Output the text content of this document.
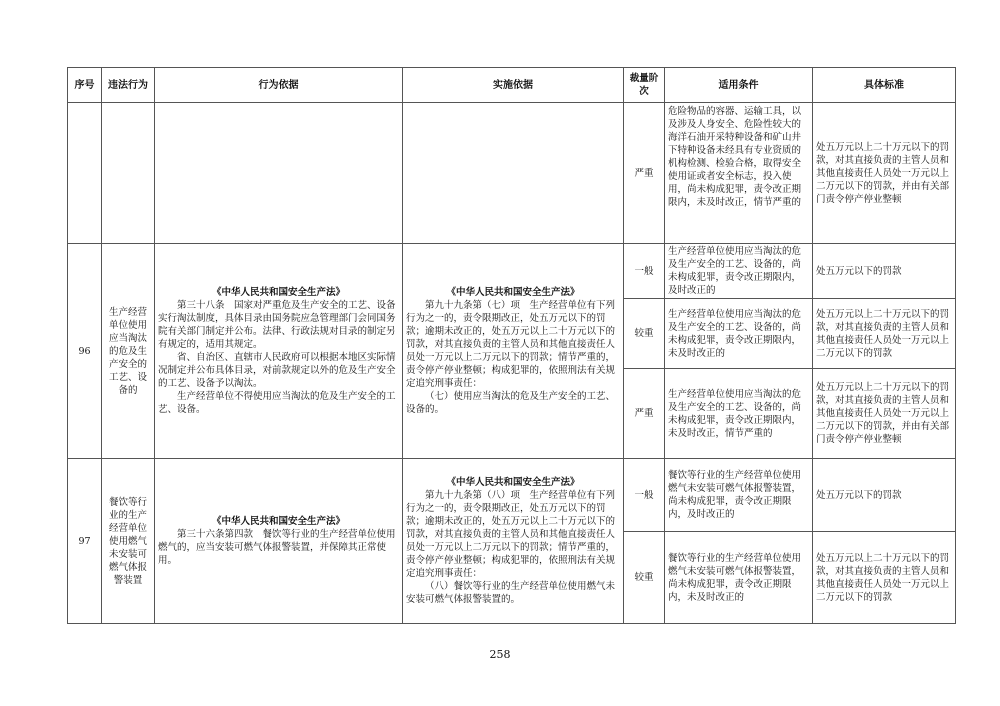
序号	违法行为	行为依据	实施依据	裁量阶次	适用条件	具体标准
				严重	危险物品的容器、运输工具，以及涉及人身安全、危险性较大的海洋石油开采特种设备和矿山井下特种设备未经具有专业资质的机构检测、检验合格，取得安全使用证或者安全标志，投入使用，尚未构成犯罪，责令改正期限内，未及时改正，情节严重的	处五万元以上二十万元以下的罚款，对其直接负责的主管人员和其他直接责任人员处一万元以上二万元以下的罚款，并由有关部门责令停产停业整顿
96	生产经营单位使用应当淘汰的危及生产安全的工艺、设备的	《中华人民共和国安全生产法》
第三十八条　国家对严重危及生产安全的工艺、设备实行淘汰制度，具体目录由国务院应急管理部门会同国务院有关部门制定并公布。法律、行政法规对目录的制定另有规定的，适用其规定。
省、自治区、直辖市人民政府可以根据本地区实际情况制定并公布具体目录，对前款规定以外的危及生产安全的工艺、设备予以淘汰。
生产经营单位不得使用应当淘汰的危及生产安全的工艺、设备。	《中华人民共和国安全生产法》
第九十九条第（七）项　生产经营单位有下列行为之一的，责令限期改正，处五万元以下的罚款；逾期未改正的，处五万元以上二十万元以下的罚款，对其直接负责的主管人员和其他直接责任人员处一万元以上二万元以下的罚款；情节严重的，责令停产停业整顿；构成犯罪的，依照刑法有关规定追究刑事责任：
（七）使用应当淘汰的危及生产安全的工艺、设备的。	一般	生产经营单位使用应当淘汰的危及生产安全的工艺、设备的，尚未构成犯罪，责令改正期限内，及时改正的	处五万元以下的罚款
				较重	生产经营单位使用应当淘汰的危及生产安全的工艺、设备的，尚未构成犯罪，责令改正期限内，未及时改正的	处五万元以上二十万元以下的罚款，对其直接负责的主管人员和其他直接责任人员处一万元以上二万元以下的罚款
				严重	生产经营单位使用应当淘汰的危及生产安全的工艺、设备的，尚未构成犯罪，责令改正期限内，未及时改正，情节严重的	处五万元以上二十万元以下的罚款，对其直接负责的主管人员和其他直接责任人员处一万元以上二万元以下的罚款，并由有关部门责令停产停业整顿
97	餐饮等行业的生产经营单位使用燃气未安装可燃气体报警装置	《中华人民共和国安全生产法》
第三十六条第四款　餐饮等行业的生产经营单位使用燃气的，应当安装可燃气体报警装置，并保障其正常使用。	《中华人民共和国安全生产法》
第九十九条第（八）项　生产经营单位有下列行为之一的，责令限期改正，处五万元以下的罚款；逾期未改正的，处五万元以上二十万元以下的罚款，对其直接负责的主管人员和其他直接责任人员处一万元以上二万元以下的罚款；情节严重的，责令停产停业整顿；构成犯罪的，依照刑法有关规定追究刑事责任：
（八）餐饮等行业的生产经营单位使用燃气未安装可燃气体报警装置的。	一般	餐饮等行业的生产经营单位使用燃气未安装可燃气体报警装置，尚未构成犯罪，责令改正期限内，及时改正的	处五万元以下的罚款
				较重	餐饮等行业的生产经营单位使用燃气未安装可燃气体报警装置，尚未构成犯罪，责令改正期限内，未及时改正的	处五万元以上二十万元以下的罚款，对其直接负责的主管人员和其他直接责任人员处一万元以上二万元以下的罚款
258
